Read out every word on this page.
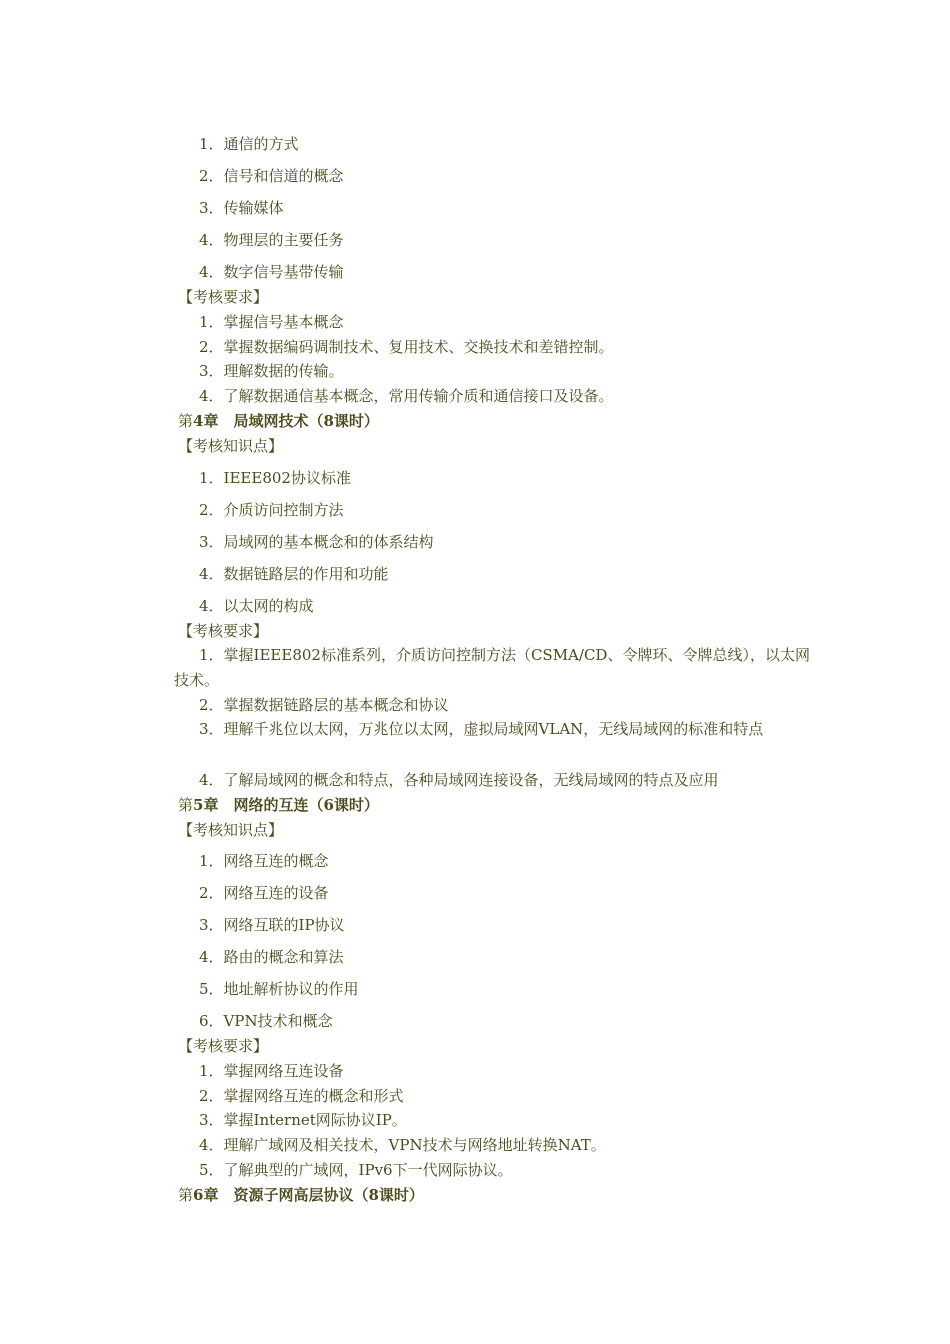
1．通信的方式
2．信号和信道的概念
3．传输媒体
4．物理层的主要任务
4．数字信号基带传输
【考核要求】
1．掌握信号基本概念
2．掌握数据编码调制技术、复用技术、交换技术和差错控制。
3．理解数据的传输。
4．了解数据通信基本概念，常用传输介质和通信接口及设备。
第4章　局域网技术（8课时）
【考核知识点】
1．IEEE802协议标准
2．介质访问控制方法
3．局域网的基本概念和的体系结构
4．数据链路层的作用和功能
4．以太网的构成
【考核要求】
1．掌握IEEE802标准系列，介质访问控制方法（CSMA/CD、令牌环、令牌总线），以太网技术。
2．掌握数据链路层的基本概念和协议
3．理解千兆位以太网，万兆位以太网，虚拟局域网VLAN，无线局域网的标准和特点
4．了解局域网的概念和特点，各种局域网连接设备，无线局域网的特点及应用
第5章　网络的互连（6课时）
【考核知识点】
1．网络互连的概念
2．网络互连的设备
3．网络互联的IP协议
4．路由的概念和算法
5．地址解析协议的作用
6．VPN技术和概念
【考核要求】
1．掌握网络互连设备
2．掌握网络互连的概念和形式
3．掌握Internet网际协议IP。
4．理解广域网及相关技术，VPN技术与网络地址转换NAT。
5．了解典型的广域网，IPv6下一代网际协议。
第6章　资源子网高层协议（8课时）
